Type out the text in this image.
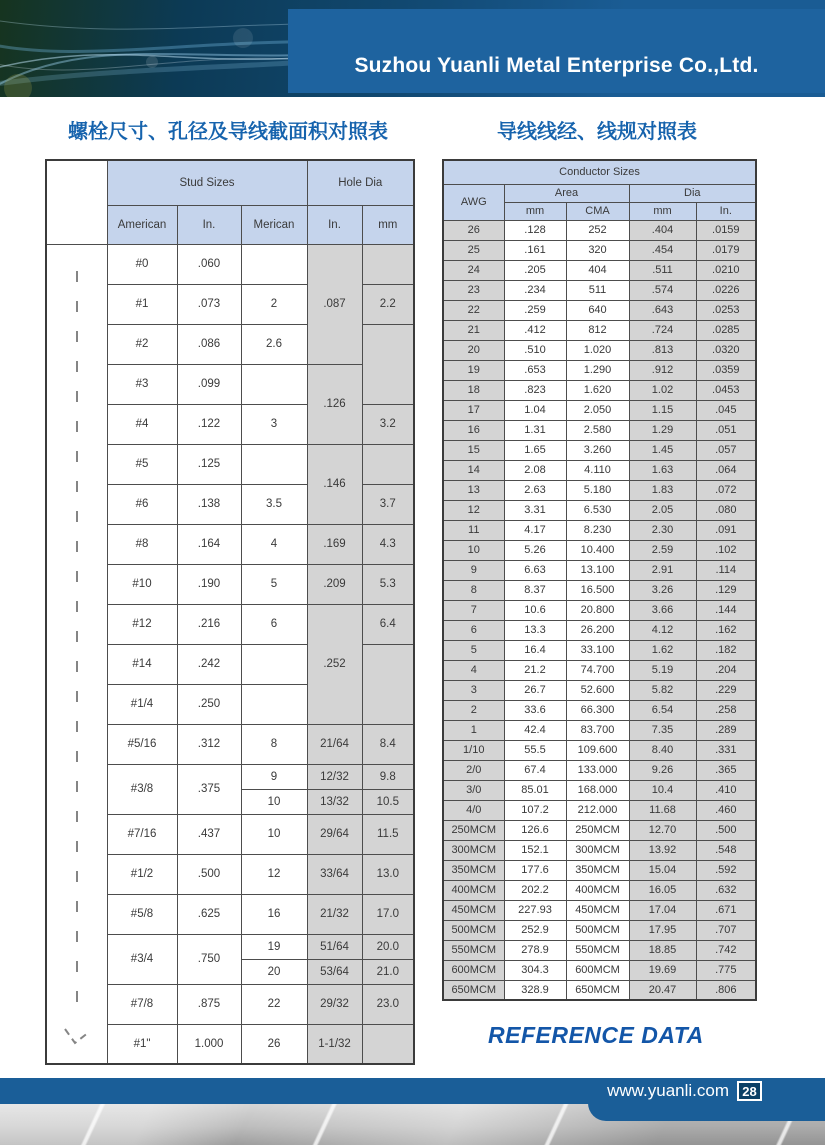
Suzhou Yuanli Metal Enterprise Co.,Ltd.
螺栓尺寸、孔径及导线截面积对照表	导线线经、线规对照表
	Stud Sizes			Hole Dia	
	American	In.	Merican	In.	mm

	#0	.060		.087	
	#1	.073	2		2.2
	#2	.086	2.6		
	#3	.099		.126	
	#4	.122	3		3.2
	#5	.125		.146	
	#6	.138	3.5		3.7
	#8	.164	4	.169	4.3
	#10	.190	5	.209	5.3
	#12	.216	6	.252	6.4
	#14	.242			
	#1/4	.250			
	#5/16	.312	8	21/64	8.4
	#3/8	.375	9	12/32	9.8
			10	13/32	10.5
	#7/16	.437	10	29/64	11.5
	#1/2	.500	12	33/64	13.0
	#5/8	.625	16	21/32	17.0
	#3/4	.750	19	51/64	20.0
			20	53/64	21.0
	#7/8	.875	22	29/32	23.0
	#1"	1.000	26	1-1/32	
Conductor Sizes				
AWG	Area		Dia	
	mm	CMA	mm	In.
26	.128	252	.404	.0159
25	.161	320	.454	.0179
24	.205	404	.511	.0210
23	.234	511	.574	.0226
22	.259	640	.643	.0253
21	.412	812	.724	.0285
20	.510	1.020	.813	.0320
19	.653	1.290	.912	.0359
18	.823	1.620	1.02	.0453
17	1.04	2.050	1.15	.045
16	1.31	2.580	1.29	.051
15	1.65	3.260	1.45	.057
14	2.08	4.110	1.63	.064
13	2.63	5.180	1.83	.072
12	3.31	6.530	2.05	.080
11	4.17	8.230	2.30	.091
10	5.26	10.400	2.59	.102
9	6.63	13.100	2.91	.114
8	8.37	16.500	3.26	.129
7	10.6	20.800	3.66	.144
6	13.3	26.200	4.12	.162
5	16.4	33.100	1.62	.182
4	21.2	74.700	5.19	.204
3	26.7	52.600	5.82	.229
2	33.6	66.300	6.54	.258
1	42.4	83.700	7.35	.289
1/10	55.5	109.600	8.40	.331
2/0	67.4	133.000	9.26	.365
3/0	85.01	168.000	10.4	.410
4/0	107.2	212.000	11.68	.460
250MCM	126.6	250MCM	12.70	.500
300MCM	152.1	300MCM	13.92	.548
350MCM	177.6	350MCM	15.04	.592
400MCM	202.2	400MCM	16.05	.632
450MCM	227.93	450MCM	17.04	.671
500MCM	252.9	500MCM	17.95	.707
550MCM	278.9	550MCM	18.85	.742
600MCM	304.3	600MCM	19.69	.775
650MCM	328.9	650MCM	20.47	.806
REFERENCE DATA
www.yuanli.com	28
